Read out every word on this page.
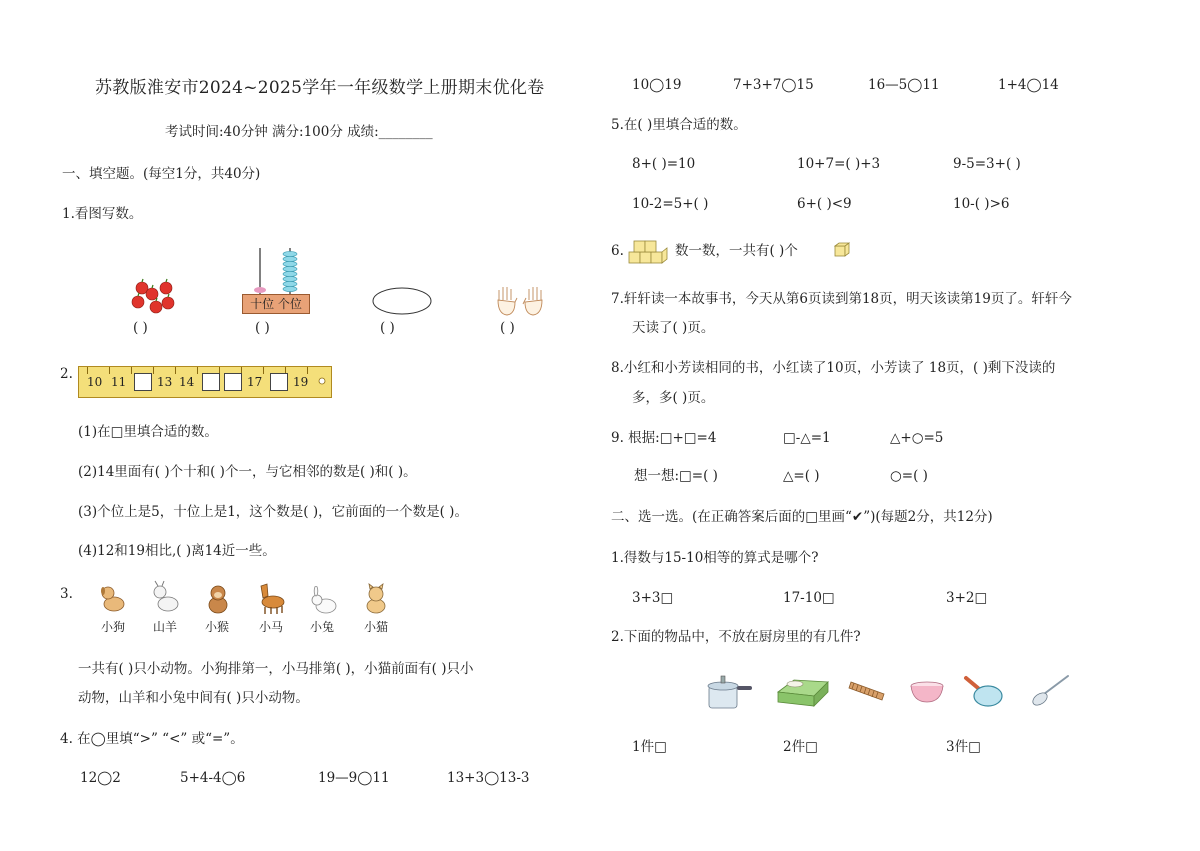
苏教版淮安市2024~2025学年一年级数学上册期末优化卷
考试时间:40分钟 满分:100分 成绩:________
一、填空题。(每空1分，共40分)
1.看图写数。
十位 个位
( )	( )	( )	( )
2. 10 11	13 14	17	19
(1)在□里填合适的数。
(2)14里面有( )个十和( )个一，与它相邻的数是( )和( )。
(3)个位上是5，十位上是1，这个数是( )，它前面的一个数是( )。
(4)12和19相比,( )离14近一些。
3.
小狗 山羊 小猴 小马 小兔 小猫
一共有( )只小动物。小狗排第一，小马排第( )，小猫前面有( )只小
动物，山羊和小兔中间有( )只小动物。
4. 在◯里填“>” “<” 或“=”。
12◯2	5+4-4◯6	19—9◯11	13+3◯13-3
10◯19	7+3+7◯15	16—5◯11	1+4◯14
5.在( )里填合适的数。
8+( )=10	10+7=( )+3	9-5=3+( )
10-2=5+( )	6+( )<9	10-( )>6
6.	数一数，一共有( )个
7.轩轩读一本故事书，今天从第6页读到第18页，明天该读第19页了。轩轩今
天读了( )页。
8.小红和小芳读相同的书，小红读了10页，小芳读了 18页，( )剩下没读的
多，多( )页。
9. 根据:□+□=4	□-△=1	△+○=5
想一想:□=( )	△=( )	○=( )
二、选一选。(在正确答案后面的□里画“✔”)(每题2分，共12分)
1.得数与15-10相等的算式是哪个?
3+3□	17-10□	3+2□
2.下面的物品中，不放在厨房里的有几件?
1件□	2件□	3件□
